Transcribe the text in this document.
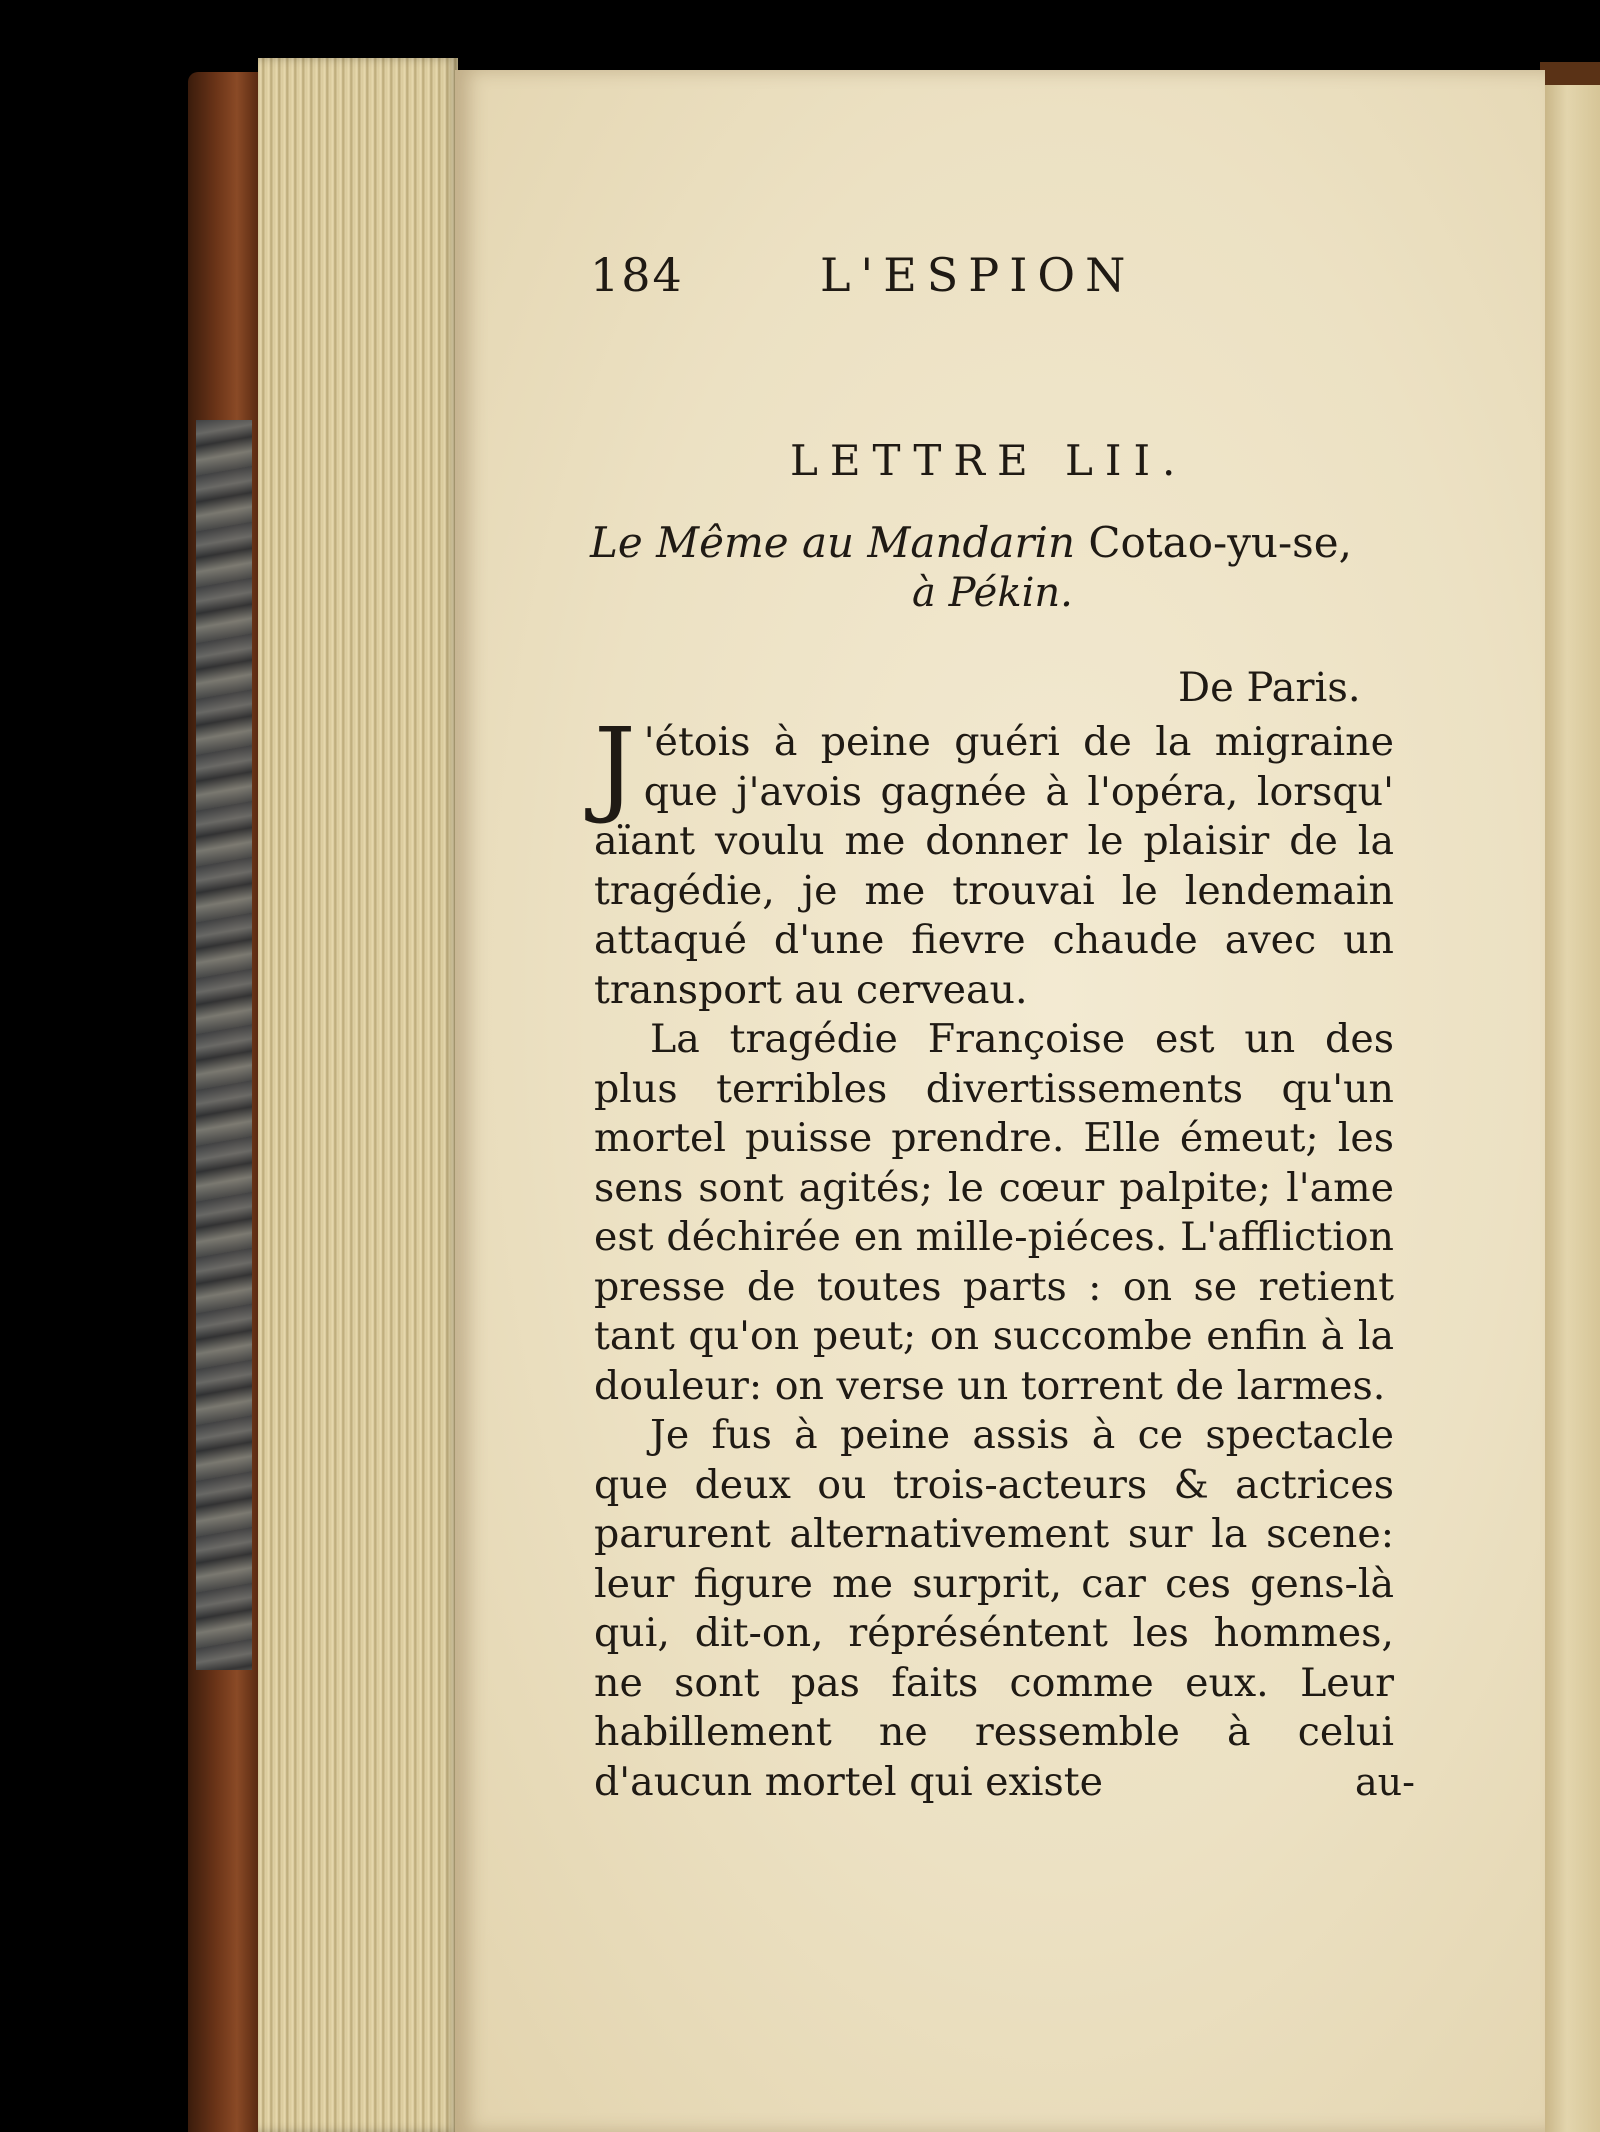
184	L'ESPION
LETTRE LII.
Le Même au Mandarin Cotao-yu-se,
à Pékin.
De Paris.

J 'étois à peine guéri de la migraine que j'avois gagnée à l'opéra, lorsqu' aïant voulu me donner le plaisir de la tragédie, je me trouvai le lendemain attaqué d'une fievre chaude avec un transport au cerveau.

La tragédie Françoise est un des plus terribles divertissements qu'un mortel puisse prendre. Elle émeut; les sens sont agités; le cœur palpite; l'ame est déchirée en mille-piéces. L'affliction presse de toutes parts : on se retient tant qu'on peut; on succombe enfin à la douleur: on verse un torrent de larmes.

Je fus à peine assis à ce spectacle que deux ou trois-acteurs & actrices parurent alternativement sur la scene: leur figure me surprit, car ces gens-là qui, dit-on, répréséntent les hommes, ne sont pas faits comme eux. Leur habillement ne ressemble à celui d'aucun mortel qui existe	au-
